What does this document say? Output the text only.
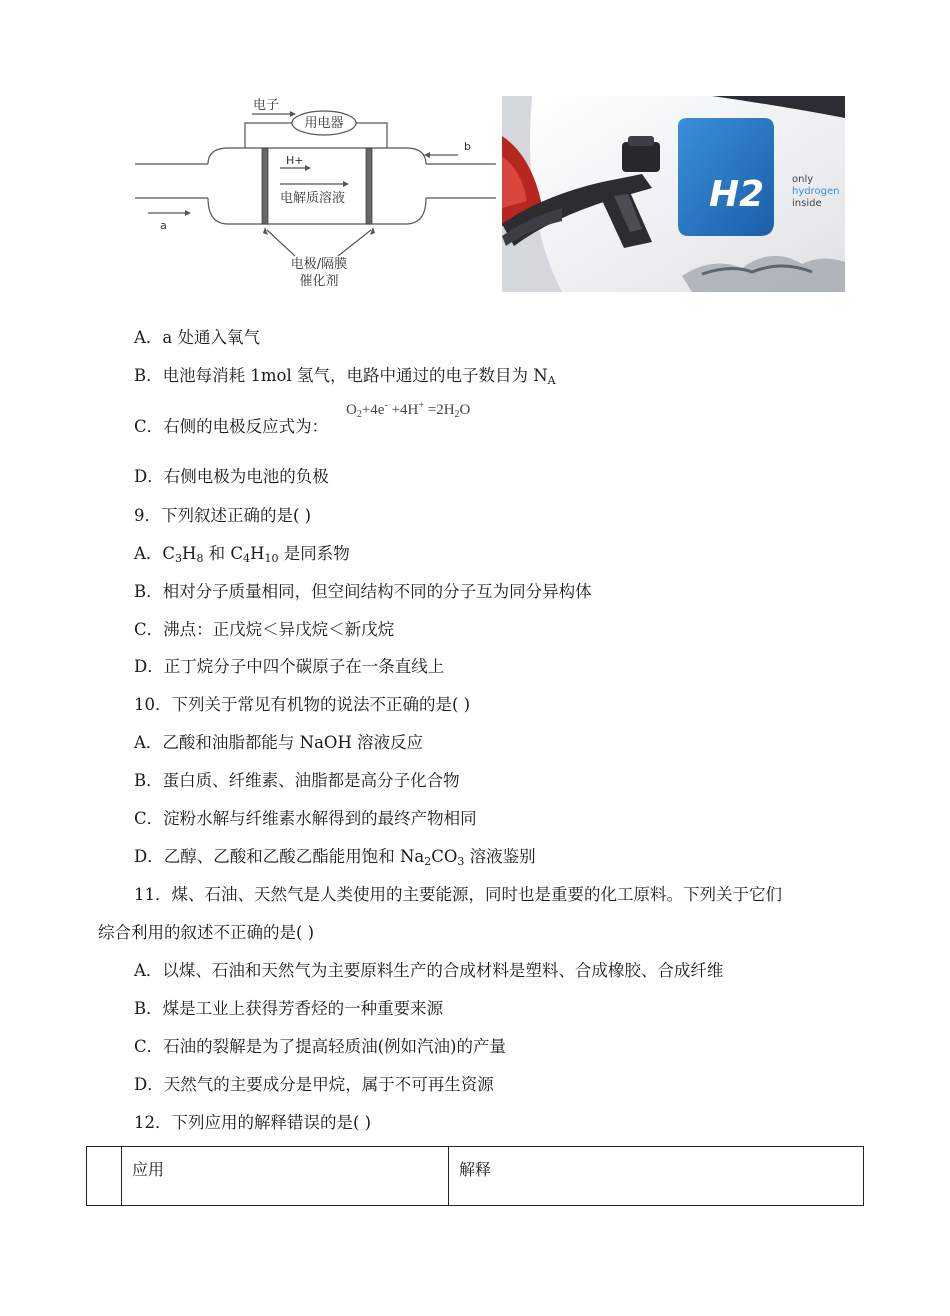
电子
用电器
H+
电解质溶液
a
b
电极/隔膜
催化剂
H2	only
hydrogen
inside
A．a 处通入氧气
B．电池每消耗 1mol 氢气，电路中通过的电子数目为 $N_A$
C．右侧的电极反应式为：
$O_2+4e^- +4H^+ =2H_2O$
D．右侧电极为电池的负极
9．下列叙述正确的是( )
A．$C_3H_8$ 和 $C_4H_{10}$ 是同系物
B．相对分子质量相同，但空间结构不同的分子互为同分异构体
C．沸点：正戊烷＜异戊烷＜新戊烷
D．正丁烷分子中四个碳原子在一条直线上
10．下列关于常见有机物的说法不正确的是( )
A．乙酸和油脂都能与 NaOH 溶液反应
B．蛋白质、纤维素、油脂都是高分子化合物
C．淀粉水解与纤维素水解得到的最终产物相同
D．乙醇、乙酸和乙酸乙酯能用饱和 $Na_2CO_3$ 溶液鉴别
11．煤、石油、天然气是人类使用的主要能源，同时也是重要的化工原料。下列关于它们
综合利用的叙述不正确的是( )
A．以煤、石油和天然气为主要原料生产的合成材料是塑料、合成橡胶、合成纤维
B．煤是工业上获得芳香烃的一种重要来源
C．石油的裂解是为了提高轻质油(例如汽油)的产量
D．天然气的主要成分是甲烷，属于不可再生资源
12．下列应用的解释错误的是( )
	应用	解释
